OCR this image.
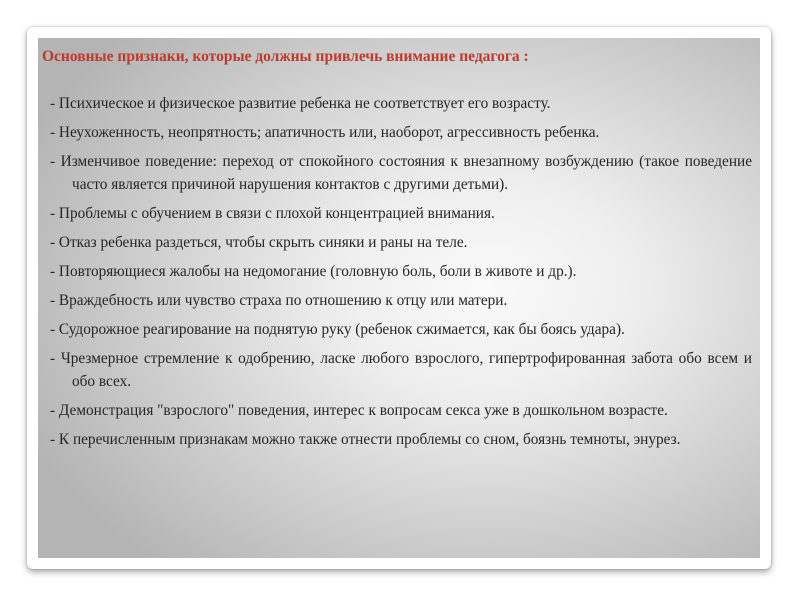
Основные признаки, которые должны привлечь внимание педагога :
- Психическое и физическое развитие ребенка не соответствует его возрасту.
- Неухоженность, неопрятность; апатичность или, наоборот, агрессивность ребенка.
- Изменчивое поведение: переход от спокойного состояния к внезапному возбуждению (такое поведение часто является причиной нарушения контактов с другими детьми).
- Проблемы с обучением в связи с плохой концентрацией внимания.
- Отказ ребенка раздеться, чтобы скрыть синяки и раны на теле.
- Повторяющиеся жалобы на недомогание (головную боль, боли в животе и др.).
- Враждебность или чувство страха по отношению к отцу или матери.
- Судорожное реагирование на поднятую руку (ребенок сжимается, как бы боясь удара).
- Чрезмерное стремление к одобрению, ласке любого взрослого, гипертрофированная забота обо всем и обо всех.
- Демонстрация "взрослого" поведения, интерес к вопросам секса уже в дошкольном возрасте.
- К перечисленным признакам можно также отнести проблемы со сном, боязнь темноты, энурез.
